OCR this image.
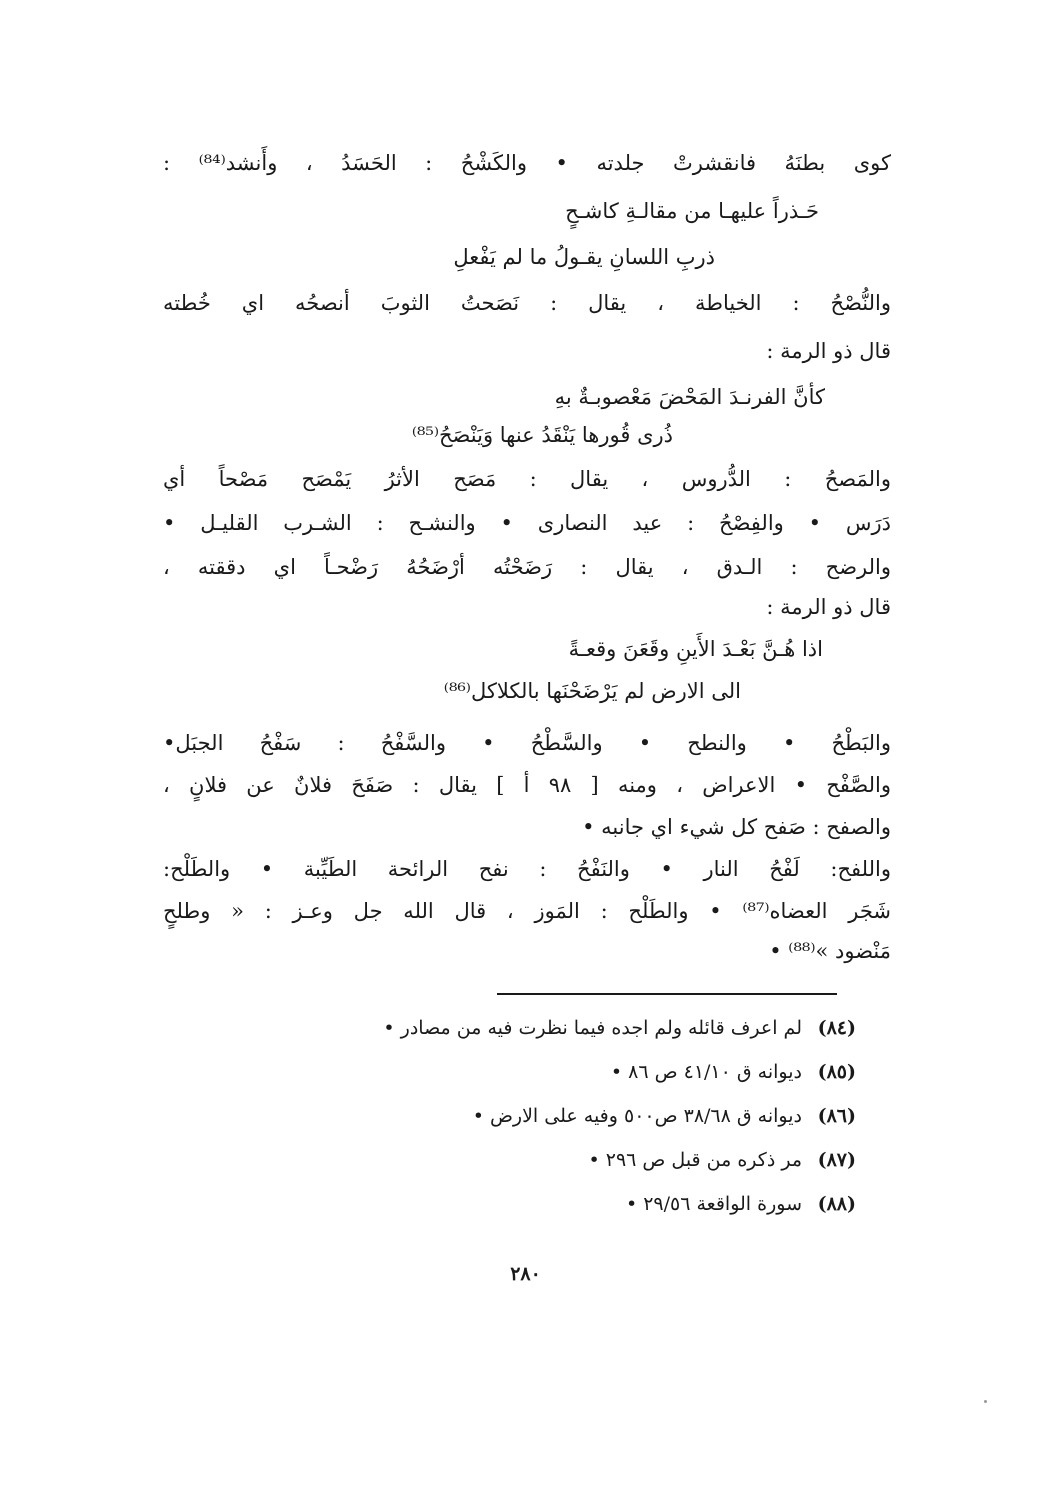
كوى بطنَهُ فانقشرتْ جلدته • والكَشْحُ : الحَسَدُ ، وأَنشد⁽⁸⁴⁾ :
حَـذراً عليهـا من مقالـةِ كاشـحٍ
ذربِ اللسانِ يقـولُ ما لم يَفْعلِ
والنُّصْحُ : الخياطة ، يقال : نَصَحتُ الثوبَ أنصحُه اي خُطته
قال ذو الرمة :
كأنَّ الفرنـدَ المَحْضَ مَعْصوبـةٌ بهِ
ذُرى قُورها يَنْقَدُ عنها وَيَنْصَحُ⁽⁸⁵⁾
والمَصحُ : الدُّروس ، يقال : مَصَح الأثرُ يَمْصَح مَصْحاً أي
دَرَس • والفِصْحُ : عيد النصارى • والنشـح : الشـرب القليـل •
والرضح : الـدق ، يقال : رَضَحْتُه أرْضَحُهُ رَضْحـاً اي دققته ،
قال ذو الرمة :
اذا هُـنَّ بَعْـدَ الأَينِ وقَعَنَ وقعـةً
الى الارض لم يَرْضَحْنَها بالكلاكل⁽⁸⁶⁾
والبَطْحُ • والنطح • والسَّطْحُ • والسَّفْحُ : سَفْحُ الجبَل•
والصَّفْح • الاعراض ، ومنه [ ٩٨ أ ] يقال : صَفَحَ فلانٌ عن فلانٍ ،
والصفح : صَفح كل شيء اي جانبه •
واللفح: لَفْحُ النار • والنَفْحُ : نفح الرائحة الطَيِّبة • والطَلْح:
شَجَر العضاه⁽⁸⁷⁾ • والطَلْح : المَوز ، قال الله جل وعـز : « وطلحٍ
مَنْضود »⁽⁸⁸⁾ •
(٨٤)لم اعرف قائله ولم اجده فيما نظرت فيه من مصادر •
(٨٥)ديوانه ق ٤١/١٠ ص ٨٦ •
(٨٦)ديوانه ق ٣٨/٦٨ ص٥٠٠ وفيه على الارض •
(٨٧)مر ذكره من قبل ص ٢٩٦ •
(٨٨)سورة الواقعة ٢٩/٥٦ •
٢٨٠
